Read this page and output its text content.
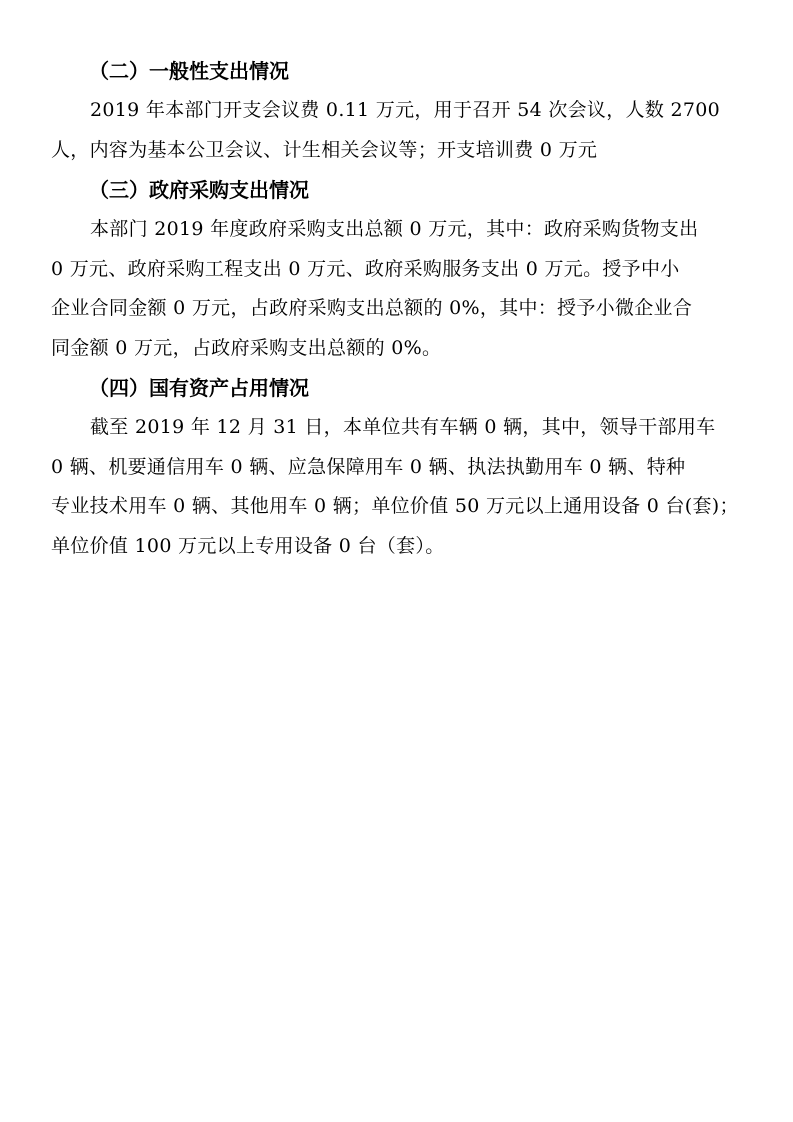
（二）一般性支出情况

2019 年本部门开支会议费 0.11 万元，用于召开 54 次会议，人数 2700
人，内容为基本公卫会议、计生相关会议等；开支培训费 0 万元

（三）政府采购支出情况

本部门 2019 年度政府采购支出总额 0 万元，其中：政府采购货物支出
0 万元、政府采购工程支出 0 万元、政府采购服务支出 0 万元。授予中小
企业合同金额 0 万元，占政府采购支出总额的 0%，其中：授予小微企业合
同金额 0 万元，占政府采购支出总额的 0%。

（四）国有资产占用情况

截至 2019 年 12 月 31 日，本单位共有车辆 0 辆，其中，领导干部用车
0 辆、机要通信用车 0 辆、应急保障用车 0 辆、执法执勤用车 0 辆、特种
专业技术用车 0 辆、其他用车 0 辆；单位价值 50 万元以上通用设备 0 台(套)；
单位价值 100 万元以上专用设备 0 台（套）。
